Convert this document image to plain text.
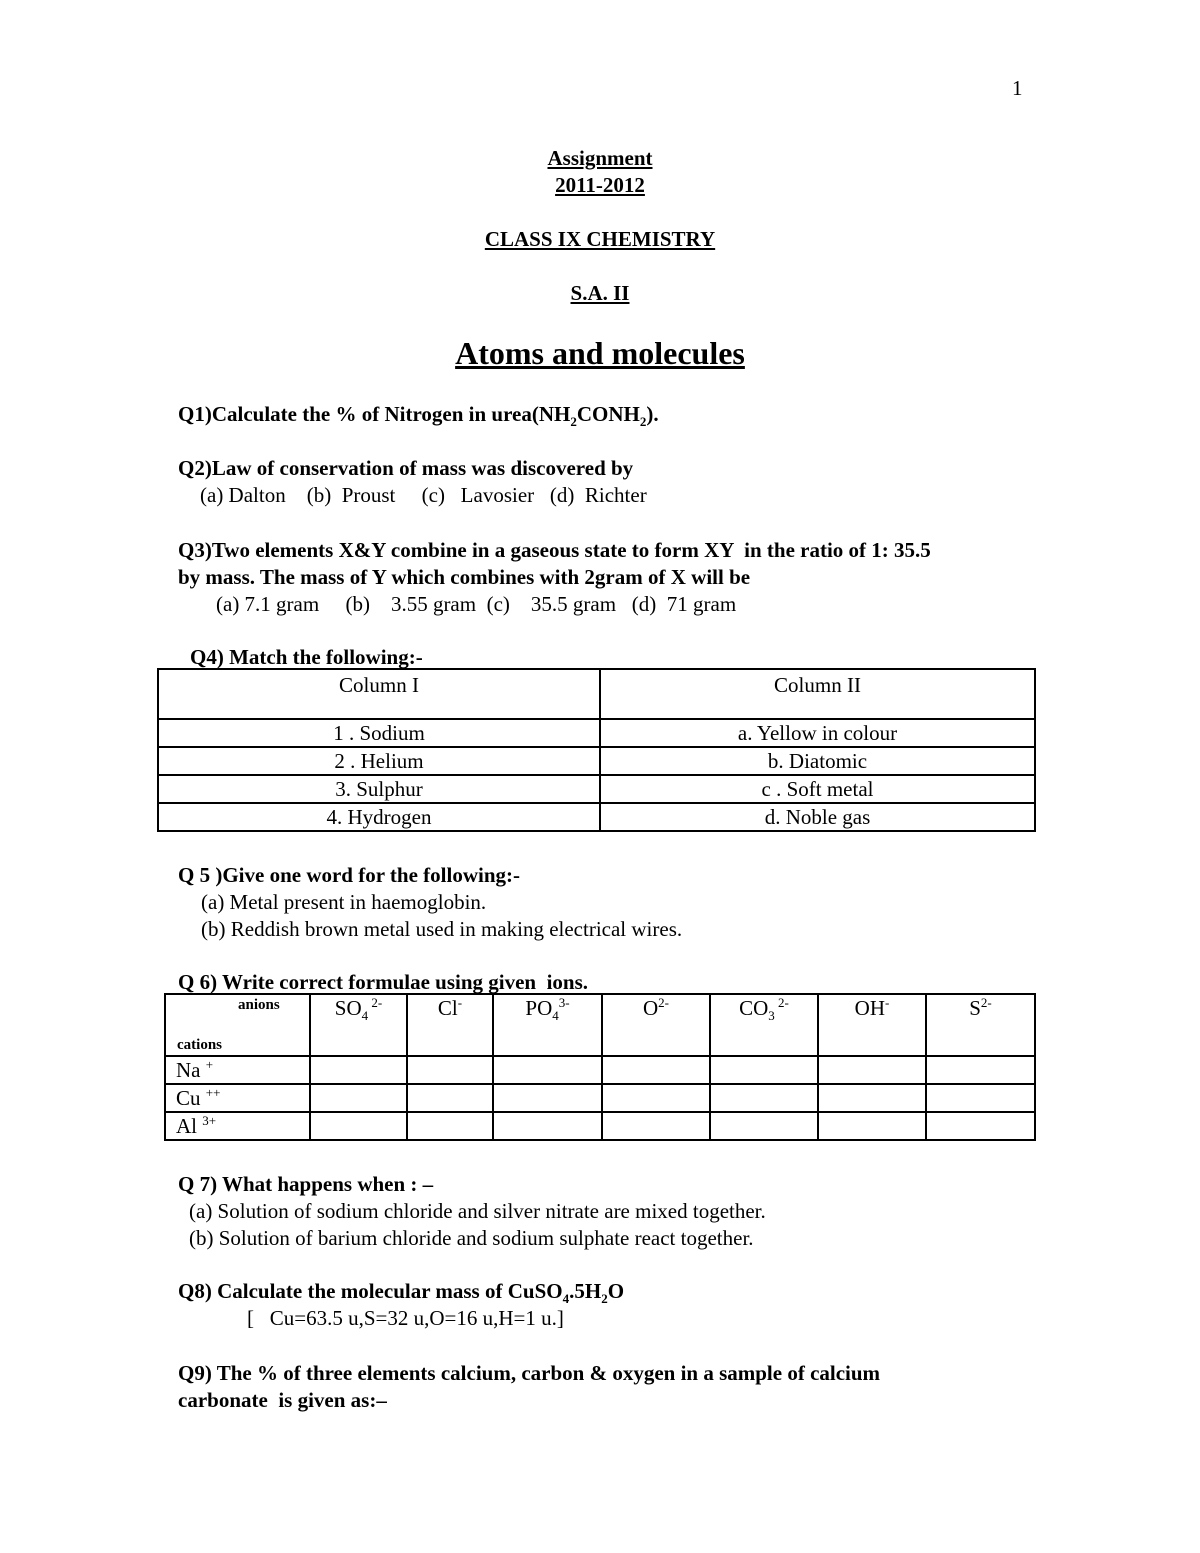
1
Assignment
2011-2012
CLASS IX CHEMISTRY
S.A. II
Atoms and molecules
Q1)Calculate the % of Nitrogen in $urea(NH_2CONH_2)$.
Q2)Law of conservation of mass was discovered by
(a) Dalton    (b)  Proust     (c)   Lavosier   (d)  Richter
Q3)Two elements X&Y combine in a gaseous state to form XY  in the ratio of 1: 35.5
by mass. The mass of Y which combines with 2gram of X will be
(a) 7.1 gram     (b)    3.55 gram  (c)    35.5 gram   (d)  71 gram
Q4) Match the following:-
Column I	Column II
1 . Sodium	a. Yellow in colour
2 . Helium	b. Diatomic
3. Sulphur	c . Soft metal
4. Hydrogen	d. Noble gas
Q 5 )Give one word for the following:-
(a) Metal present in haemoglobin.
(b) Reddish brown metal used in making electrical wires.
Q 6) Write correct formulae using given  ions.
anions
cations	$SO_4$ $^{2-}$	Cl-	$PO_4^{3-}$	$O^{2-}$	$CO_3$ $^{2-}$	OH-	$S^{2-}$
Na +							
Cu ++							
Al $^{3+}$							
Q 7) What happens when : –
(a) Solution of sodium chloride and silver nitrate are mixed together.
(b) Solution of barium chloride and sodium sulphate react together.
Q8) Calculate the molecular mass of $CuSO_4.5H_2O$
[   Cu=63.5 u,S=32 u,O=16 u,H=1 u.]
Q9) The % of three elements calcium, carbon & oxygen in a sample of calcium
carbonate  is given as:–
